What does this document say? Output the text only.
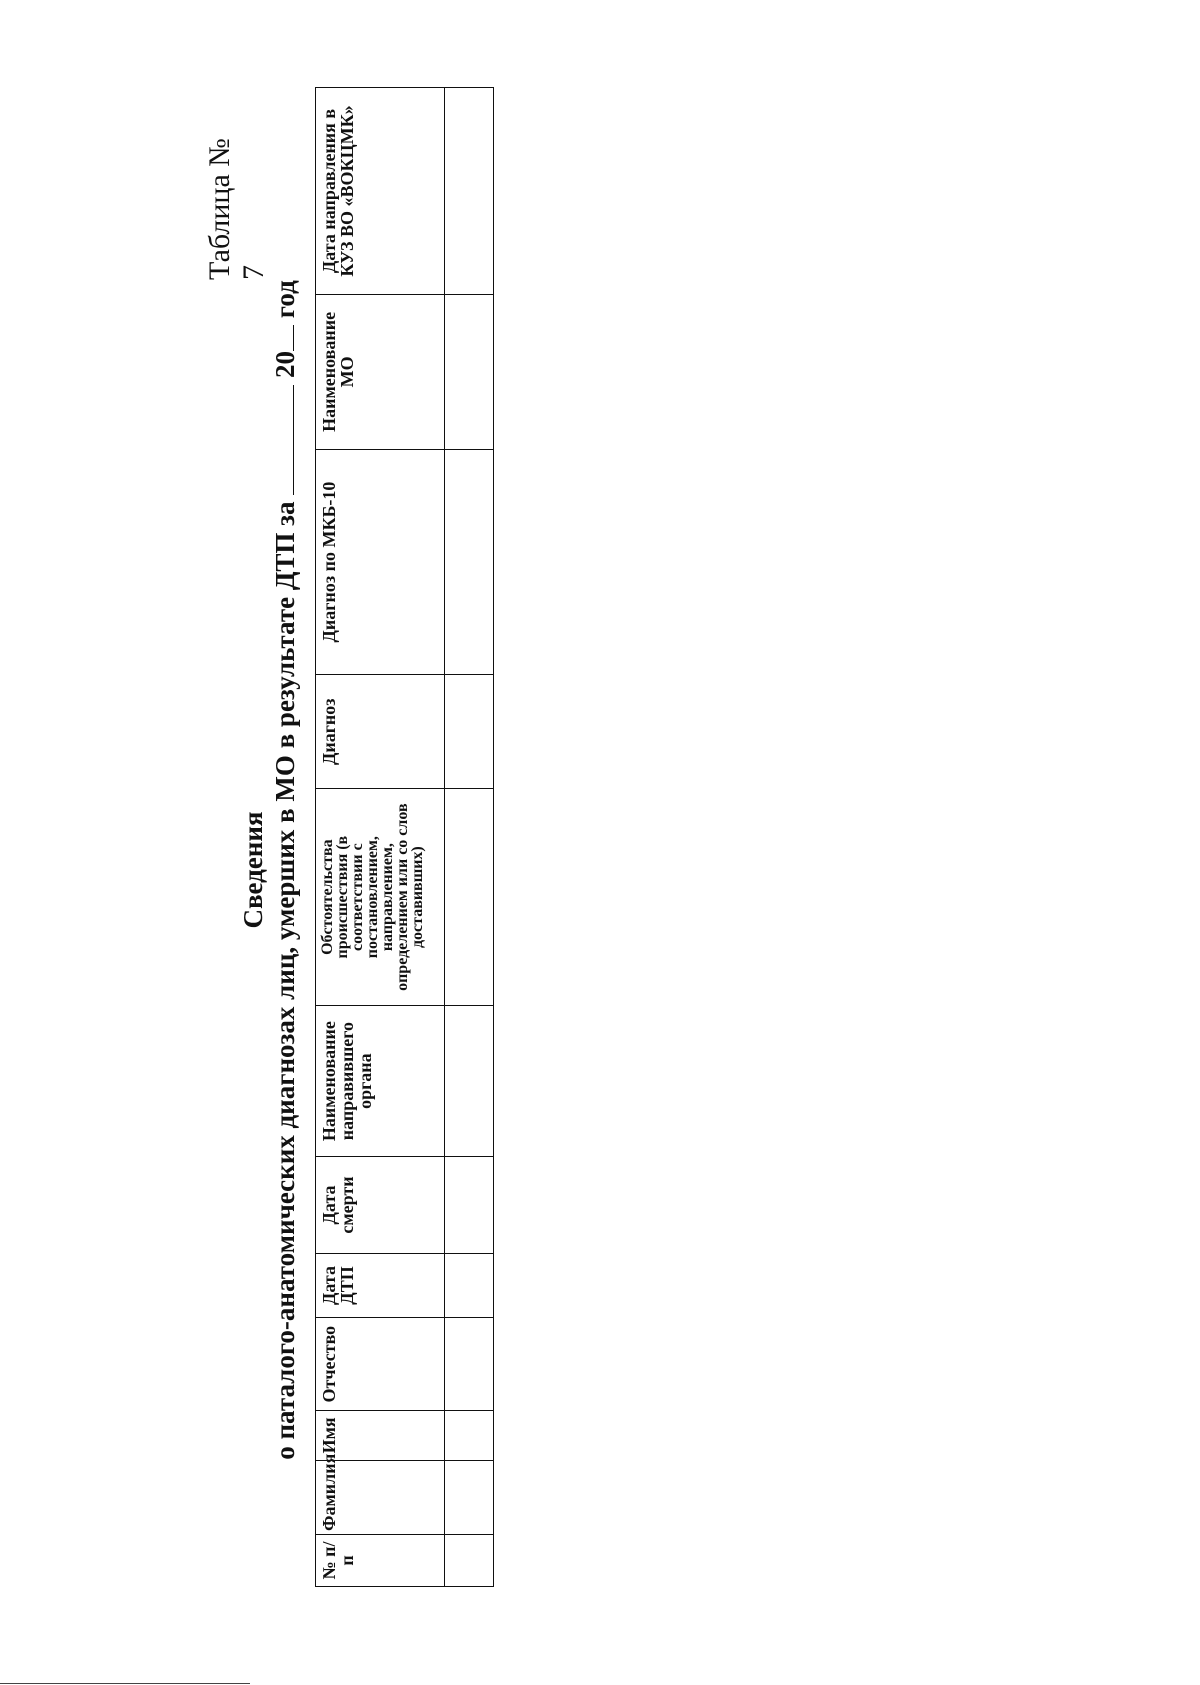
Таблица № 7
Сведения о паталого-анатомических диагнозах лиц, умерших в МО в результате ДТП за  20 год
№ п/п	Фамилия	Имя	Отчество	Дата ДТП	Дата смерти	Наименование направившего органа	Обстоятельства происшествия (в соответствии с постановлением, направлением, определением или со слов доставивших)	Диагноз	Диагноз по МКБ-10	Наименование МО	Дата направления в КУЗ ВО «ВОКЦМК»
